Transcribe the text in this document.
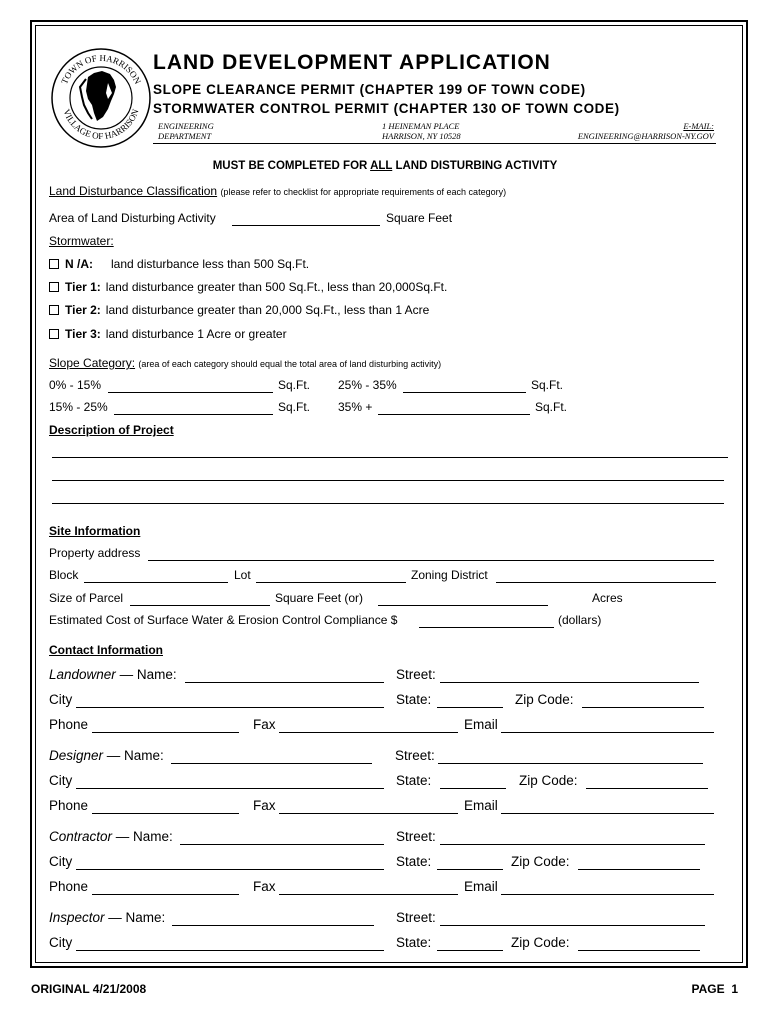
TOWN OF HARRISON
VILLAGE OF HARRISON
LAND DEVELOPMENT APPLICATION
SLOPE CLEARANCE PERMIT (CHAPTER 199 OF TOWN CODE)
STORMWATER CONTROL PERMIT (CHAPTER 130 OF TOWN CODE)
ENGINEERING
DEPARTMENT
1 HEINEMAN PLACE
HARRISON, NY 10528
E-MAIL:
ENGINEERING@HARRISON-NY.GOV
MUST BE COMPLETED FOR ALL LAND DISTURBING ACTIVITY
Land Disturbance Classification (please refer to checklist for appropriate requirements of each category)
Area of Land Disturbing Activity	Square Feet
Stormwater:
N /A: land disturbance less than 500 Sq.Ft.
Tier 1: land disturbance greater than 500 Sq.Ft., less than 20,000Sq.Ft.
Tier 2: land disturbance greater than 20,000 Sq.Ft., less than 1 Acre
Tier 3: land disturbance 1 Acre or greater
Slope Category: (area of each category should equal the total area of land disturbing activity)
0% - 15%	Sq.Ft. 25% - 35%	Sq.Ft.
15% - 25%	Sq.Ft. 35% +	Sq.Ft.
Description of Project
Site Information
Property address
Block	Lot	Zoning District
Size of Parcel	Square Feet (or)	Acres
Estimated Cost of Surface Water & Erosion Control Compliance $	(dollars)
Contact Information
Landowner — Name:	Street:
City	State:	Zip Code:
Phone	Fax	Email
Designer — Name:	Street:
City	State:	Zip Code:
Phone	Fax	Email
Contractor — Name:	Street:
City	State:	Zip Code:
Phone	Fax	Email
Inspector — Name:	Street:
City	State:	Zip Code:
ORIGINAL 4/21/2008	PAGE  1
